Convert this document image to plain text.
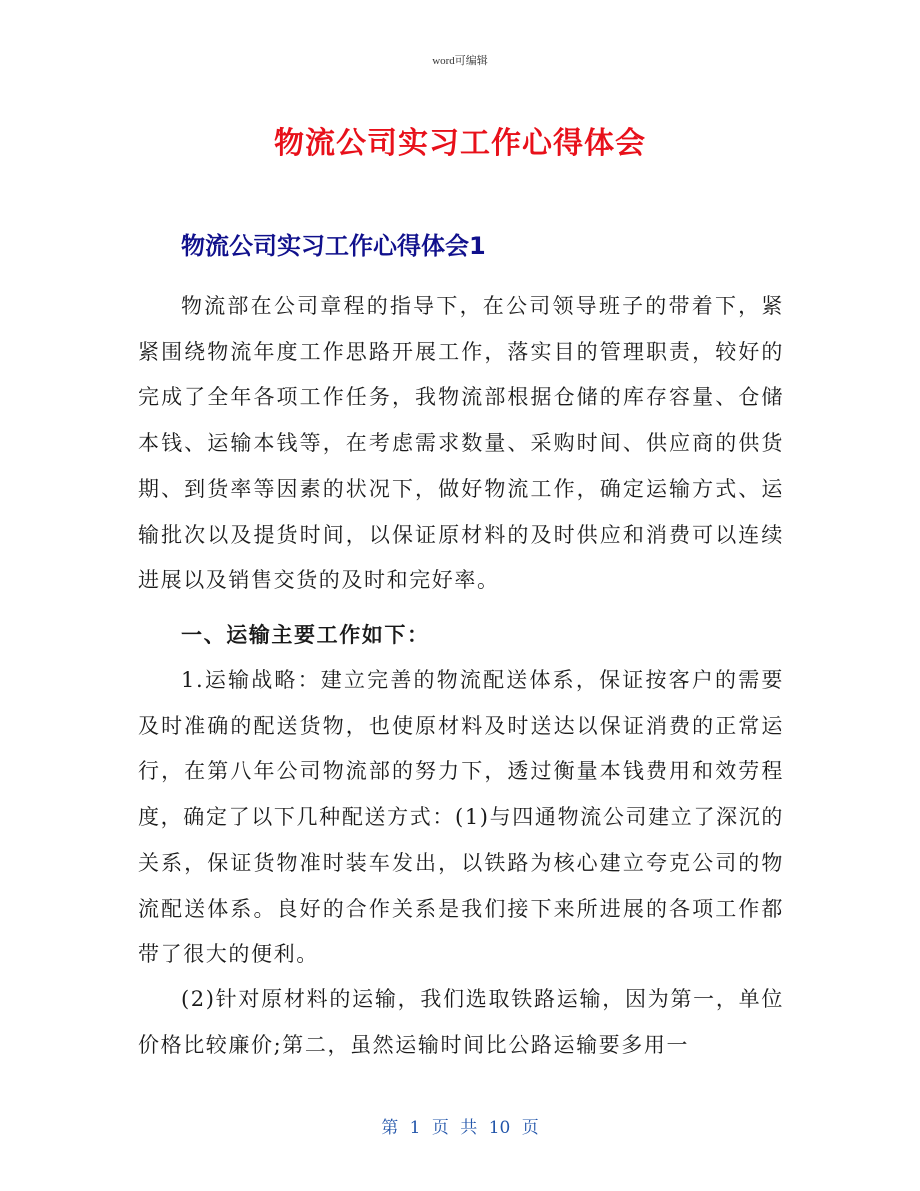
word可编辑
物流公司实习工作心得体会
物流公司实习工作心得体会1

物流部在公司章程的指导下，在公司领导班子的带着下，紧紧围绕物流年度工作思路开展工作，落实目的管理职责，较好的完成了全年各项工作任务，我物流部根据仓储的库存容量、仓储本钱、运输本钱等，在考虑需求数量、采购时间、供应商的供货期、到货率等因素的状况下，做好物流工作，确定运输方式、运输批次以及提货时间，以保证原材料的及时供应和消费可以连续进展以及销售交货的及时和完好率。

一、运输主要工作如下：

1.运输战略：建立完善的物流配送体系，保证按客户的需要及时准确的配送货物，也使原材料及时送达以保证消费的正常运行，在第八年公司物流部的努力下，透过衡量本钱费用和效劳程度，确定了以下几种配送方式：(1)与四通物流公司建立了深沉的关系，保证货物准时装车发出，以铁路为核心建立夸克公司的物流配送体系。良好的合作关系是我们接下来所进展的各项工作都带了很大的便利。

(2)针对原材料的运输，我们选取铁路运输，因为第一，单位价格比较廉价;第二，虽然运输时间比公路运输要多用一

第 1 页 共 10 页
